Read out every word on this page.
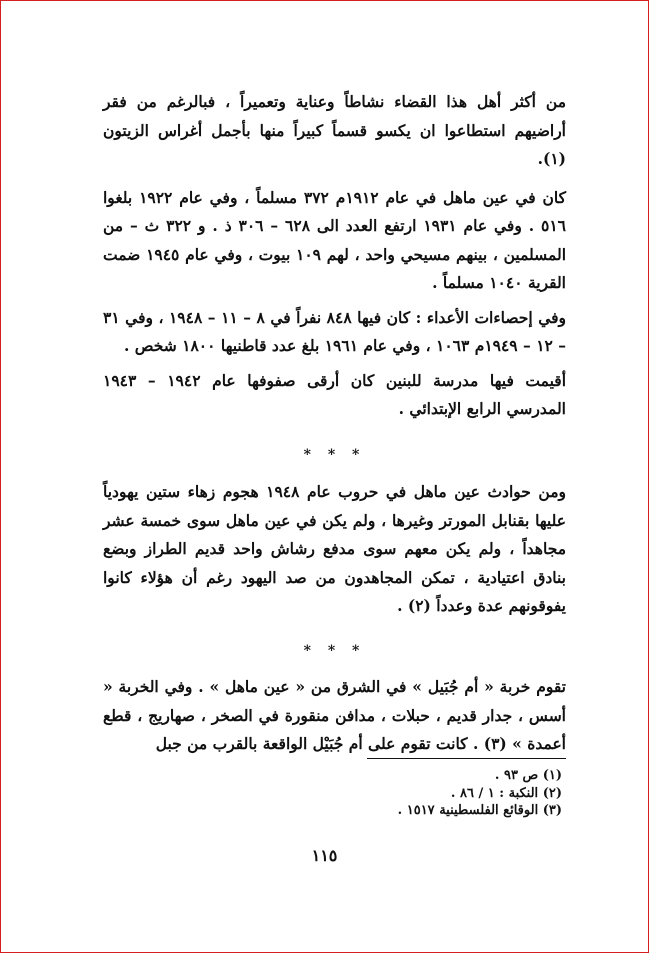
من أكثر أهل هذا القضاء نشاطاً وعناية وتعميراً ، فبالرغم من فقر أراضيهم استطاعوا ان يكسو قسماً كبيراً منها بأجمل أغراس الزيتون (١).

كان في عين ماهل في عام ١٩١٢م ٣٧٢ مسلماً ، وفي عام ١٩٢٢ بلغوا ٥١٦ . وفي عام ١٩٣١ ارتفع العدد الى ٦٢٨ – ٣٠٦ ذ . و ٣٢٢ ث – من المسلمين ، بينهم مسيحي واحد ، لهم ١٠٩ بيوت ، وفي عام ١٩٤٥ ضمت القرية ١٠٤٠ مسلماً .

وفي إحصاءات الأعداء : كان فيها ٨٤٨ نفراً في ٨ – ١١ – ١٩٤٨ ، وفي ٣١ – ١٢ – ١٩٤٩م ١٠٦٣ ، وفي عام ١٩٦١ بلغ عدد قاطنيها ١٨٠٠ شخص .

أقيمت فيها مدرسة للبنين كان أرقى صفوفها عام ١٩٤٢ – ١٩٤٣ المدرسي الرابع الإبتدائي .

* * *

ومن حوادث عين ماهل في حروب عام ١٩٤٨ هجوم زهاء ستين يهودياً عليها بقنابل المورتر وغيرها ، ولم يكن في عين ماهل سوى خمسة عشر مجاهداً ، ولم يكن معهم سوى مدفع رشاش واحد قديم الطراز وبضع بنادق اعتيادية ، تمكن المجاهدون من صد اليهود رغم أن هؤلاء كانوا يفوقونهم عدة وعدداً (٢) .

* * *

تقوم خربة « أم جُبَيل » في الشرق من « عين ماهل » . وفي الخربة « أسس ، جدار قديم ، حبلات ، مدافن منقورة في الصخر ، صهاريج ، قطع أعمدة » (٣) . كانت تقوم على أم جُبَيْل الواقعة بالقرب من جبل

(١) ص ٩٣ .
(٢) النكبة : ١ / ٨٦ .
(٣) الوقائع الفلسطينية ١٥١٧ .
١١٥
